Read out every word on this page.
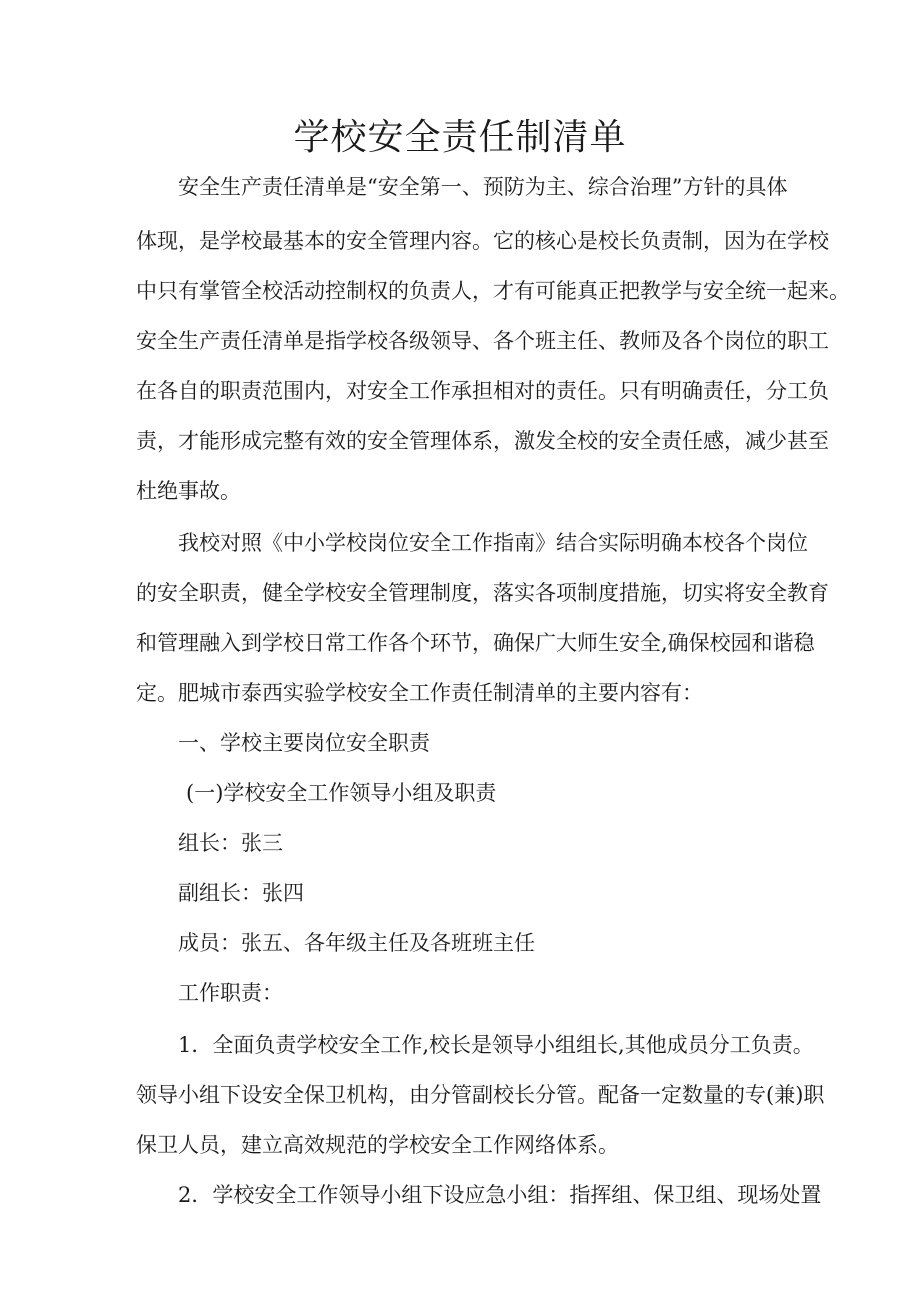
学校安全责任制清单

安全生产责任清单是“安全第一、预防为主、综合治理”方针的具体

体现，是学校最基本的安全管理内容。它的核心是校长负责制，因为在学校

中只有掌管全校活动控制权的负责人，才有可能真正把教学与安全统一起来。

安全生产责任清单是指学校各级领导、各个班主任、教师及各个岗位的职工

在各自的职责范围内，对安全工作承担相对的责任。只有明确责任，分工负

责，才能形成完整有效的安全管理体系，激发全校的安全责任感，减少甚至

杜绝事故。

我校对照《中小学校岗位安全工作指南》结合实际明确本校各个岗位

的安全职责，健全学校安全管理制度，落实各项制度措施，切实将安全教育

和管理融入到学校日常工作各个环节，确保广大师生安全,确保校园和谐稳

定。肥城市泰西实验学校安全工作责任制清单的主要内容有：

一、学校主要岗位安全职责

(一)学校安全工作领导小组及职责

组长：张三

副组长：张四

成员：张五、各年级主任及各班班主任

工作职责：

1．全面负责学校安全工作,校长是领导小组组长,其他成员分工负责。

领导小组下设安全保卫机构，由分管副校长分管。配备一定数量的专(兼)职

保卫人员，建立高效规范的学校安全工作网络体系。

2．学校安全工作领导小组下设应急小组：指挥组、保卫组、现场处置
